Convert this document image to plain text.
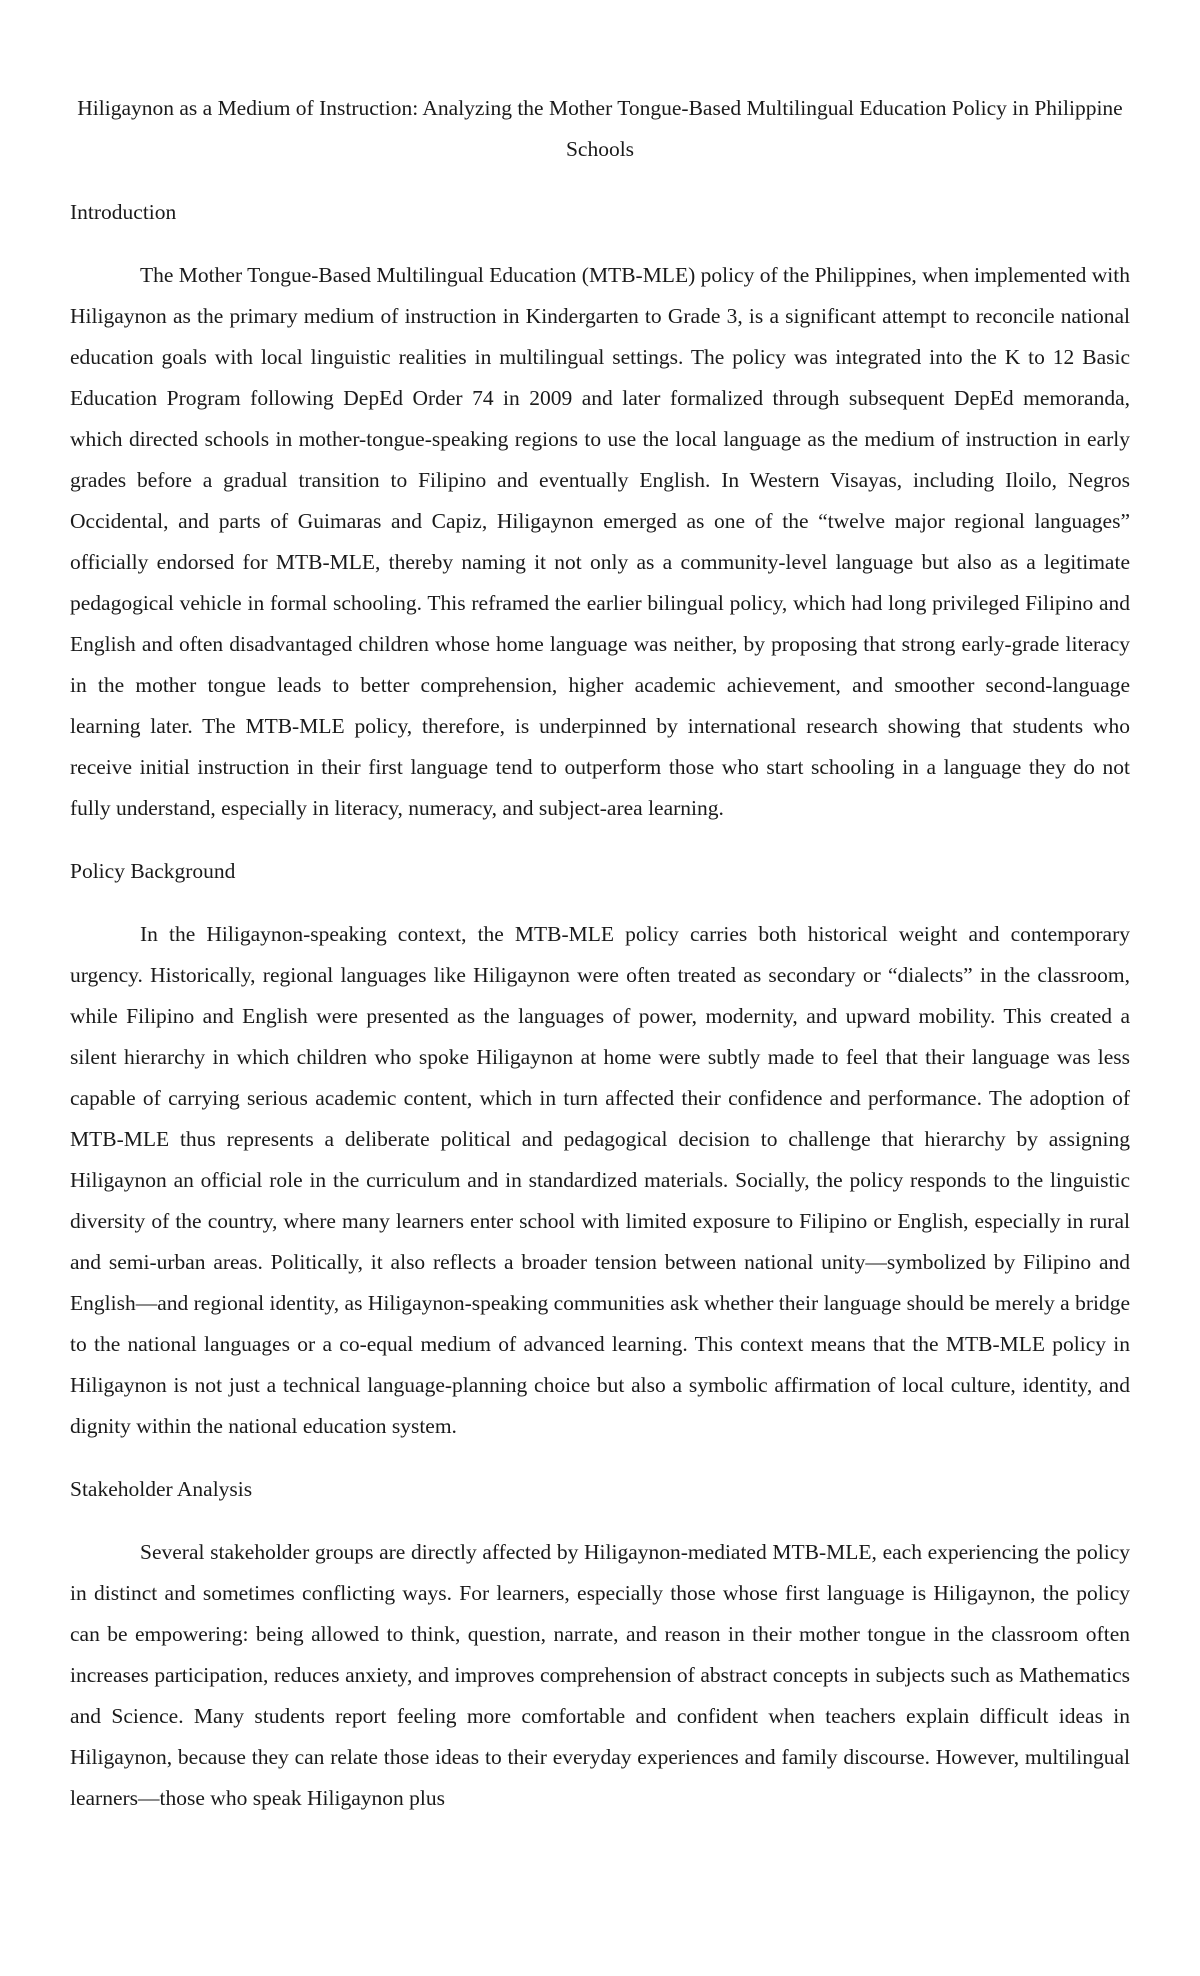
Hiligaynon as a Medium of Instruction: Analyzing the Mother Tongue-Based Multilingual Education Policy in Philippine Schools
Introduction

The Mother Tongue-Based Multilingual Education (MTB-MLE) policy of the Philippines, when implemented with Hiligaynon as the primary medium of instruction in Kindergarten to Grade 3, is a significant attempt to reconcile national education goals with local linguistic realities in multilingual settings. The policy was integrated into the K to 12 Basic Education Program following DepEd Order 74 in 2009 and later formalized through subsequent DepEd memoranda, which directed schools in mother-tongue-speaking regions to use the local language as the medium of instruction in early grades before a gradual transition to Filipino and eventually English. In Western Visayas, including Iloilo, Negros Occidental, and parts of Guimaras and Capiz, Hiligaynon emerged as one of the “twelve major regional languages” officially endorsed for MTB-MLE, thereby naming it not only as a community-level language but also as a legitimate pedagogical vehicle in formal schooling. This reframed the earlier bilingual policy, which had long privileged Filipino and English and often disadvantaged children whose home language was neither, by proposing that strong early-grade literacy in the mother tongue leads to better comprehension, higher academic achievement, and smoother second-language learning later. The MTB-MLE policy, therefore, is underpinned by international research showing that students who receive initial instruction in their first language tend to outperform those who start schooling in a language they do not fully understand, especially in literacy, numeracy, and subject-area learning.

Policy Background

In the Hiligaynon-speaking context, the MTB-MLE policy carries both historical weight and contemporary urgency. Historically, regional languages like Hiligaynon were often treated as secondary or “dialects” in the classroom, while Filipino and English were presented as the languages of power, modernity, and upward mobility. This created a silent hierarchy in which children who spoke Hiligaynon at home were subtly made to feel that their language was less capable of carrying serious academic content, which in turn affected their confidence and performance. The adoption of MTB-MLE thus represents a deliberate political and pedagogical decision to challenge that hierarchy by assigning Hiligaynon an official role in the curriculum and in standardized materials. Socially, the policy responds to the linguistic diversity of the country, where many learners enter school with limited exposure to Filipino or English, especially in rural and semi-urban areas. Politically, it also reflects a broader tension between national unity—symbolized by Filipino and English—and regional identity, as Hiligaynon-speaking communities ask whether their language should be merely a bridge to the national languages or a co-equal medium of advanced learning. This context means that the MTB-MLE policy in Hiligaynon is not just a technical language-planning choice but also a symbolic affirmation of local culture, identity, and dignity within the national education system.

Stakeholder Analysis

Several stakeholder groups are directly affected by Hiligaynon-mediated MTB-MLE, each experiencing the policy in distinct and sometimes conflicting ways. For learners, especially those whose first language is Hiligaynon, the policy can be empowering: being allowed to think, question, narrate, and reason in their mother tongue in the classroom often increases participation, reduces anxiety, and improves comprehension of abstract concepts in subjects such as Mathematics and Science. Many students report feeling more comfortable and confident when teachers explain difficult ideas in Hiligaynon, because they can relate those ideas to their everyday experiences and family discourse. However, multilingual learners—those who speak Hiligaynon plus
